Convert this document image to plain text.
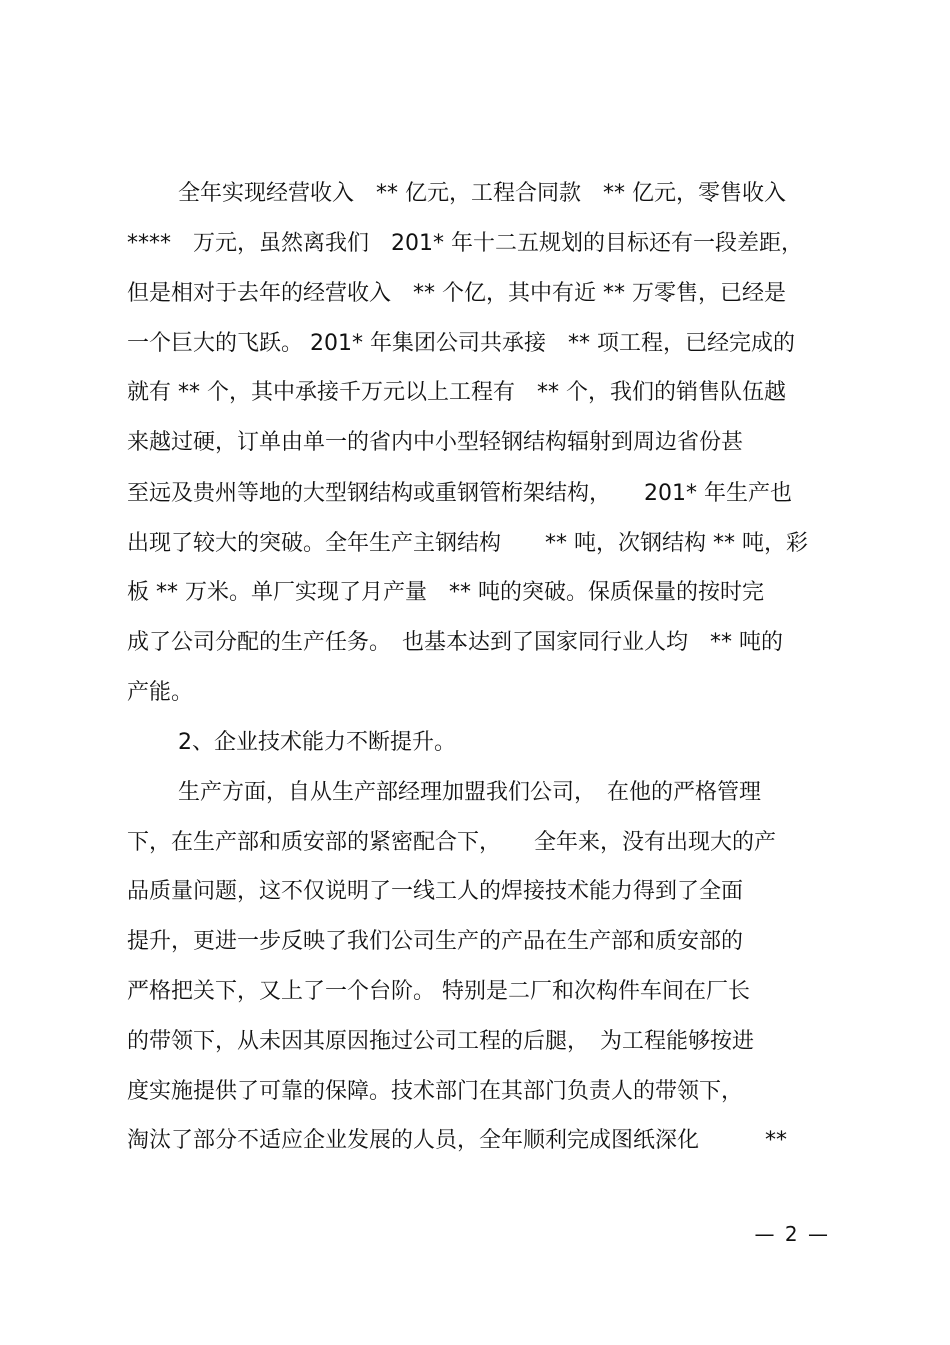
全年实现经营收入　** 亿元，工程合同款　** 亿元，零售收入
****　万元，虽然离我们　201* 年十二五规划的目标还有一段差距，
但是相对于去年的经营收入　** 个亿，其中有近 ** 万零售，已经是
一个巨大的飞跃。 201* 年集团公司共承接　** 项工程，已经完成的
就有 ** 个，其中承接千万元以上工程有　** 个，我们的销售队伍越
来越过硬，订单由单一的省内中小型轻钢结构辐射到周边省份甚
至远及贵州等地的大型钢结构或重钢管桁架结构，　　201* 年生产也
出现了较大的突破。全年生产主钢结构　　** 吨，次钢结构 ** 吨，彩
板 ** 万米。单厂实现了月产量　** 吨的突破。保质保量的按时完
成了公司分配的生产任务。　也基本达到了国家同行业人均　** 吨的
产能。
2、企业技术能力不断提升。
生产方面，自从生产部经理加盟我们公司，　在他的严格管理
下，在生产部和质安部的紧密配合下，　　全年来，没有出现大的产
品质量问题，这不仅说明了一线工人的焊接技术能力得到了全面
提升，更进一步反映了我们公司生产的产品在生产部和质安部的
严格把关下，又上了一个台阶。 特别是二厂和次构件车间在厂长
的带领下，从未因其原因拖过公司工程的后腿，　为工程能够按进
度实施提供了可靠的保障。技术部门在其部门负责人的带领下，
淘汰了部分不适应企业发展的人员，全年顺利完成图纸深化　　　**
— 2 —
